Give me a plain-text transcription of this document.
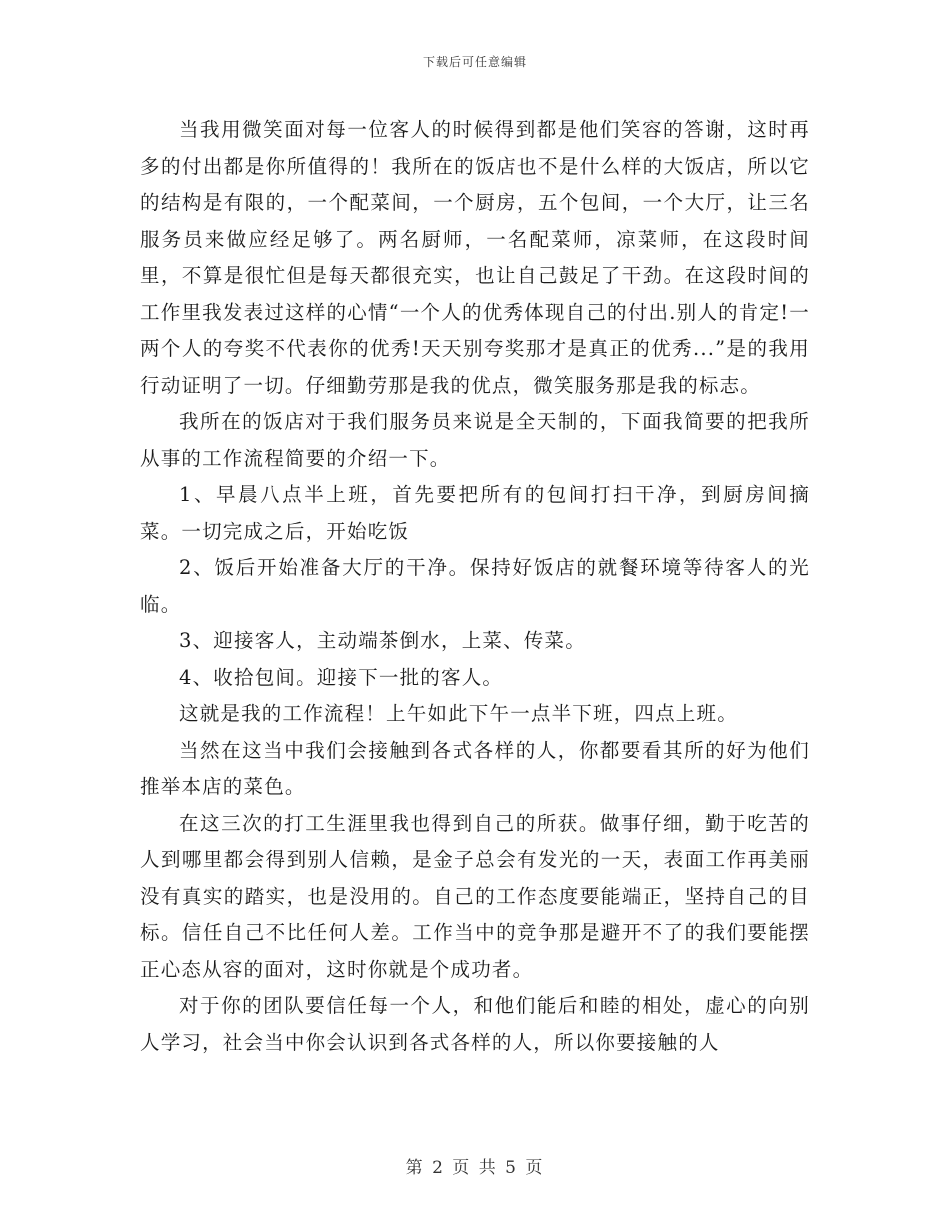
下载后可任意编辑

当我用微笑面对每一位客人的时候得到都是他们笑容的答谢，这时再多的付出都是你所值得的！我所在的饭店也不是什么样的大饭店，所以它的结构是有限的，一个配菜间，一个厨房，五个包间，一个大厅，让三名服务员来做应经足够了。两名厨师，一名配菜师，凉菜师，在这段时间里，不算是很忙但是每天都很充实，也让自己鼓足了干劲。在这段时间的工作里我发表过这样的心情“一个人的优秀体现自己的付出.别人的肯定!一两个人的夸奖不代表你的优秀!天天别夸奖那才是真正的优秀...”是的我用行动证明了一切。仔细勤劳那是我的优点，微笑服务那是我的标志。

我所在的饭店对于我们服务员来说是全天制的，下面我简要的把我所从事的工作流程简要的介绍一下。

1、早晨八点半上班，首先要把所有的包间打扫干净，到厨房间摘菜。一切完成之后，开始吃饭

2、饭后开始准备大厅的干净。保持好饭店的就餐环境等待客人的光临。

3、迎接客人，主动端茶倒水，上菜、传菜。

4、收拾包间。迎接下一批的客人。

这就是我的工作流程！上午如此下午一点半下班，四点上班。

当然在这当中我们会接触到各式各样的人，你都要看其所的好为他们推举本店的菜色。

在这三次的打工生涯里我也得到自己的所获。做事仔细，勤于吃苦的人到哪里都会得到别人信赖，是金子总会有发光的一天，表面工作再美丽没有真实的踏实，也是没用的。自己的工作态度要能端正，坚持自己的目标。信任自己不比任何人差。工作当中的竞争那是避开不了的我们要能摆正心态从容的面对，这时你就是个成功者。

对于你的团队要信任每一个人，和他们能后和睦的相处，虚心的向别人学习，社会当中你会认识到各式各样的人，所以你要接触的人

第 2 页 共 5 页
